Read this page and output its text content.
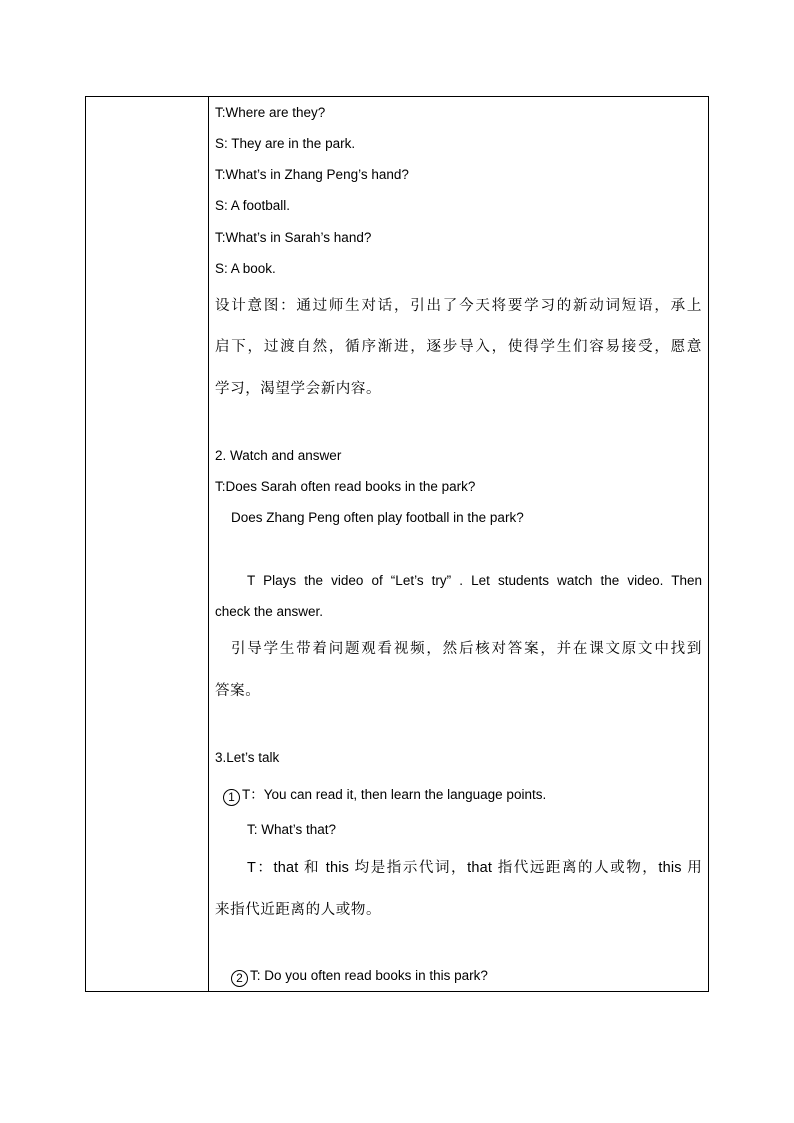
T:Where are they?
S: They are in the park.
T:What’s in Zhang Peng’s hand?
S: A football.
T:What’s in Sarah’s hand?
S: A book.
设计意图：通过师生对话，引出了今天将要学习的新动词短语，承上
启下，过渡自然，循序渐进，逐步导入，使得学生们容易接受，愿意
学习，渴望学会新内容。
2. Watch and answer
T:Does Sarah often read books in the park?
Does Zhang Peng often play football in the park?
T Plays the video of “Let’s try” . Let students watch the video. Then
check the answer.
引导学生带着问题观看视频，然后核对答案，并在课文原文中找到
答案。
3.Let’s talk
1 T：You can read it, then learn the language points.
T: What’s that?
T：that 和 this 均是指示代词，that 指代远距离的人或物，this 用
来指代近距离的人或物。
2 T: Do you often read books in this park?
